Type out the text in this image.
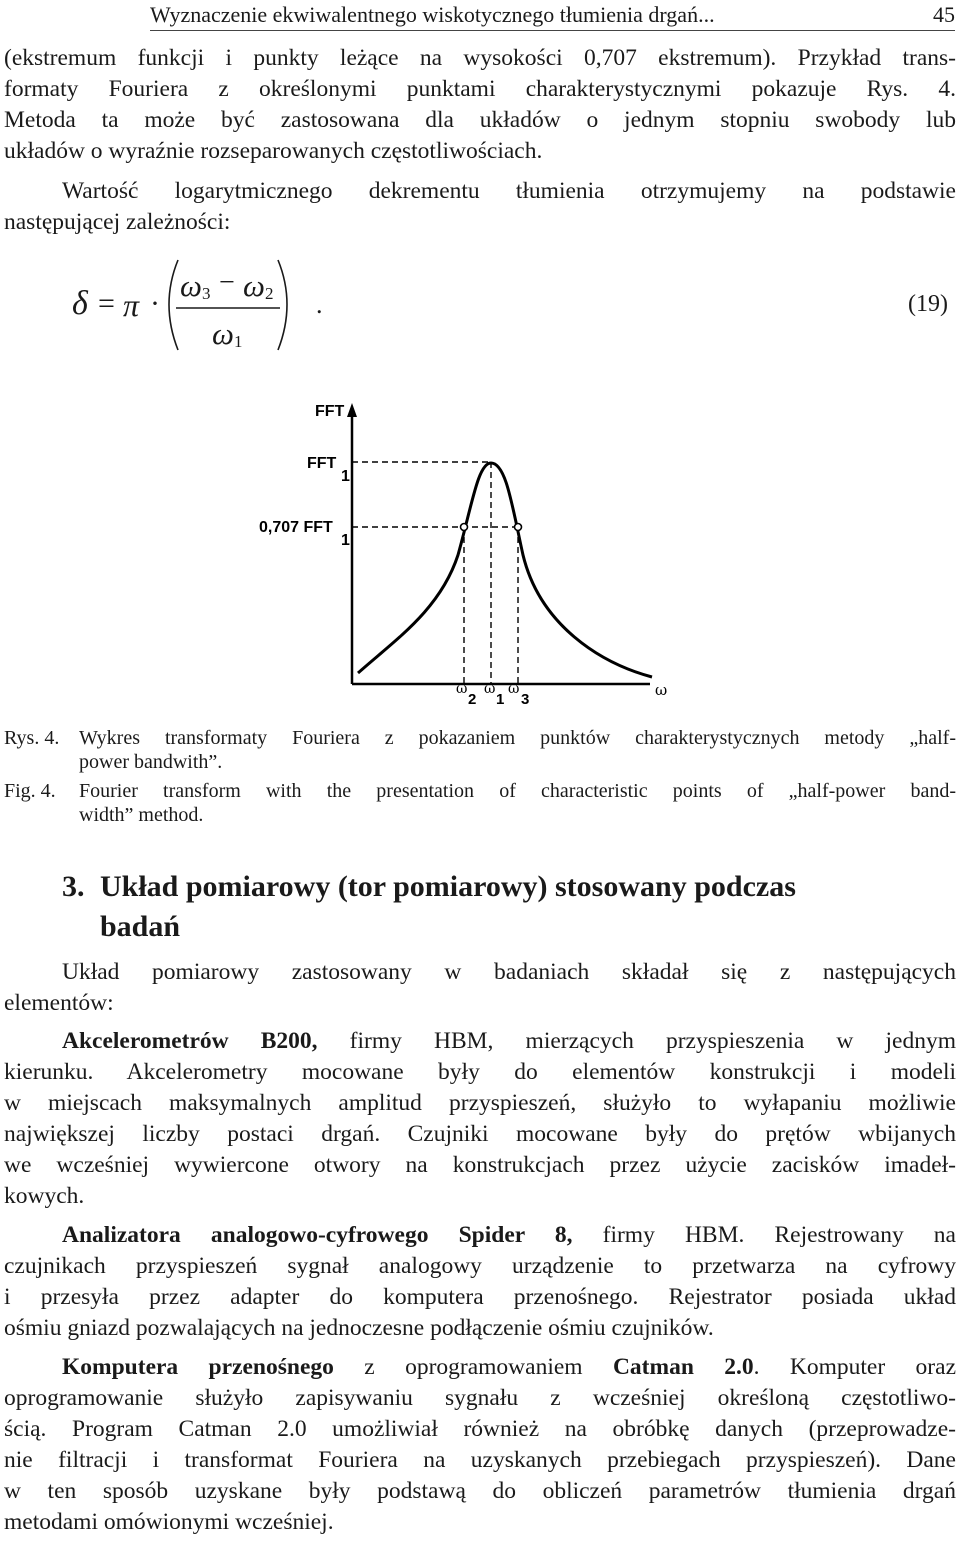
Wyznaczenie ekwiwalentnego wiskotycznego tłumienia drgań...	45
(ekstremum funkcji i punkty leżące na wysokości 0,707 ekstremum). Przykład trans-
formaty Fouriera z określonymi punktami charakterystycznymi pokazuje Rys. 4.
Metoda ta może być zastosowana dla układów o jednym stopniu swobody lub
układów o wyraźnie rozseparowanych częstotliwościach.
Wartość logarytmicznego dekrementu tłumienia otrzymujemy na podstawie
następującej zależności:
δ = π ·
ω 3 − ω 2
ω 1
.	(19)
FFT
FFT
1
0,707 FFT
1
ω
2
ω
1
ω
3
ω
Rys. 4. Wykres transformaty Fouriera z pokazaniem punktów charakterystycznych metody „half-
power bandwith”.
Fig. 4. Fourier transform with the presentation of characteristic points of „half-power band-
width” method.
3. Układ pomiarowy (tor pomiarowy) stosowany podczas
badań
Układ pomiarowy zastosowany w badaniach składał się z następujących
elementów:
Akcelerometrów B200, firmy HBM, mierzących przyspieszenia w jednym
kierunku. Akcelerometry mocowane były do elementów konstrukcji i modeli
w miejscach maksymalnych amplitud przyspieszeń, służyło to wyłapaniu możliwie
największej liczby postaci drgań. Czujniki mocowane były do prętów wbijanych
we wcześniej wywiercone otwory na konstrukcjach przez użycie zacisków imadeł-
kowych.
Analizatora analogowo-cyfrowego Spider 8, firmy HBM. Rejestrowany na
czujnikach przyspieszeń sygnał analogowy urządzenie to przetwarza na cyfrowy
i przesyła przez adapter do komputera przenośnego. Rejestrator posiada układ
ośmiu gniazd pozwalających na jednoczesne podłączenie ośmiu czujników.
Komputera przenośnego z oprogramowaniem Catman 2.0. Komputer oraz
oprogramowanie służyło zapisywaniu sygnału z wcześniej określoną częstotliwo-
ścią. Program Catman 2.0 umożliwiał również na obróbkę danych (przeprowadze-
nie filtracji i transformat Fouriera na uzyskanych przebiegach przyspieszeń). Dane
w ten sposób uzyskane były podstawą do obliczeń parametrów tłumienia drgań
metodami omówionymi wcześniej.
